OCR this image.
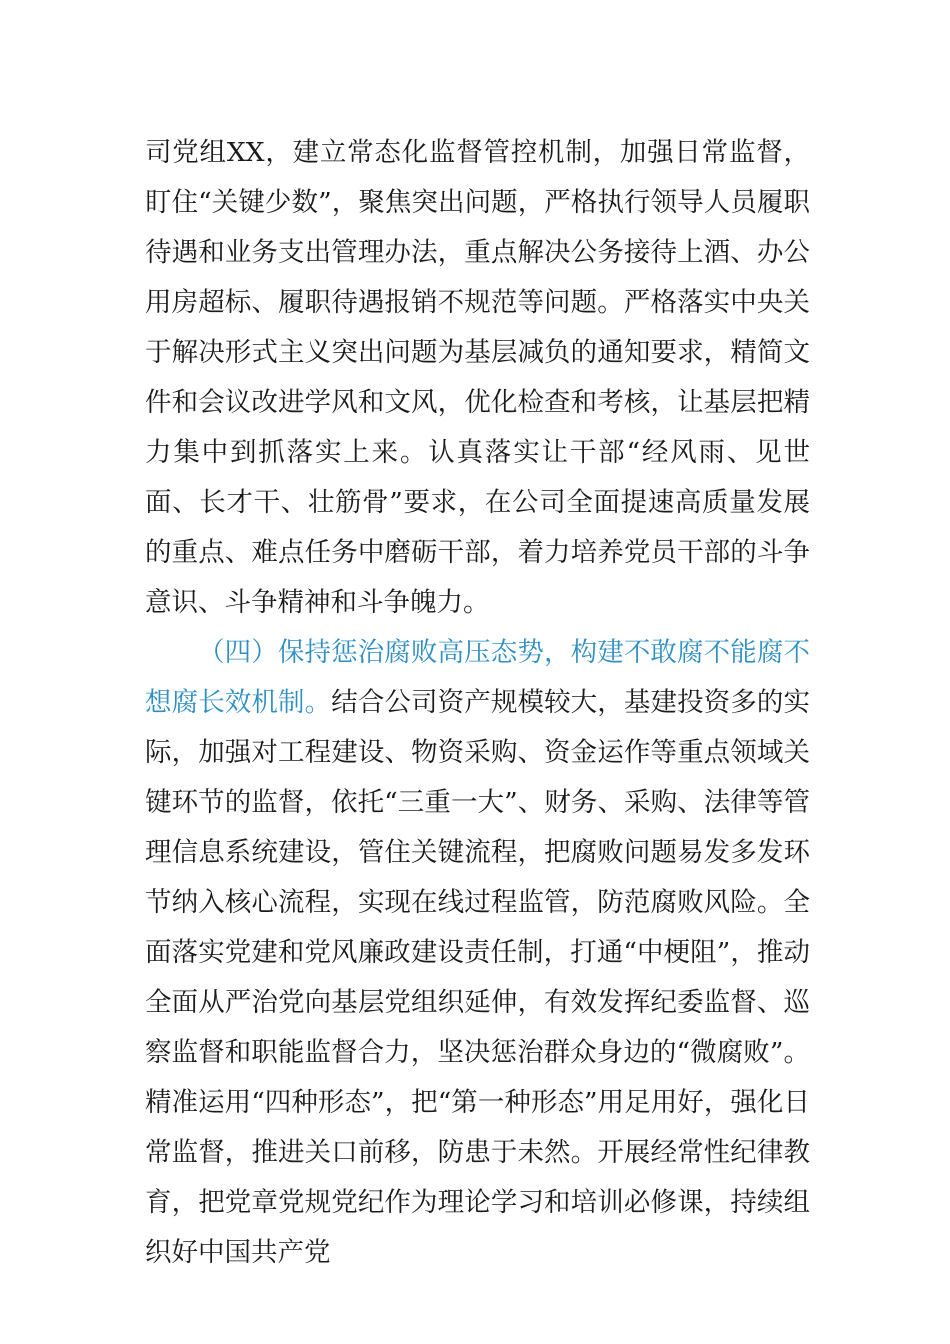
司党组XX，建立常态化监督管控机制，加强日常监督，盯住“关键少数”，聚焦突出问题，严格执行领导人员履职待遇和业务支出管理办法，重点解决公务接待上酒、办公用房超标、履职待遇报销不规范等问题。严格落实中央关于解决形式主义突出问题为基层减负的通知要求，精简文件和会议改进学风和文风，优化检查和考核，让基层把精力集中到抓落实上来。认真落实让干部“经风雨、见世面、长才干、壮筋骨”要求，在公司全面提速高质量发展的重点、难点任务中磨砺干部，着力培养党员干部的斗争意识、斗争精神和斗争魄力。

（四）保持惩治腐败高压态势，构建不敢腐不能腐不想腐长效机制。结合公司资产规模较大，基建投资多的实际，加强对工程建设、物资采购、资金运作等重点领域关键环节的监督，依托“三重一大”、财务、采购、法律等管理信息系统建设，管住关键流程，把腐败问题易发多发环节纳入核心流程，实现在线过程监管，防范腐败风险。全面落实党建和党风廉政建设责任制，打通“中梗阻”，推动全面从严治党向基层党组织延伸，有效发挥纪委监督、巡察监督和职能监督合力，坚决惩治群众身边的“微腐败”。精准运用“四种形态”，把“第一种形态”用足用好，强化日常监督，推进关口前移，防患于未然。开展经常性纪律教育，把党章党规党纪作为理论学习和培训必修课，持续组织好中国共产党
